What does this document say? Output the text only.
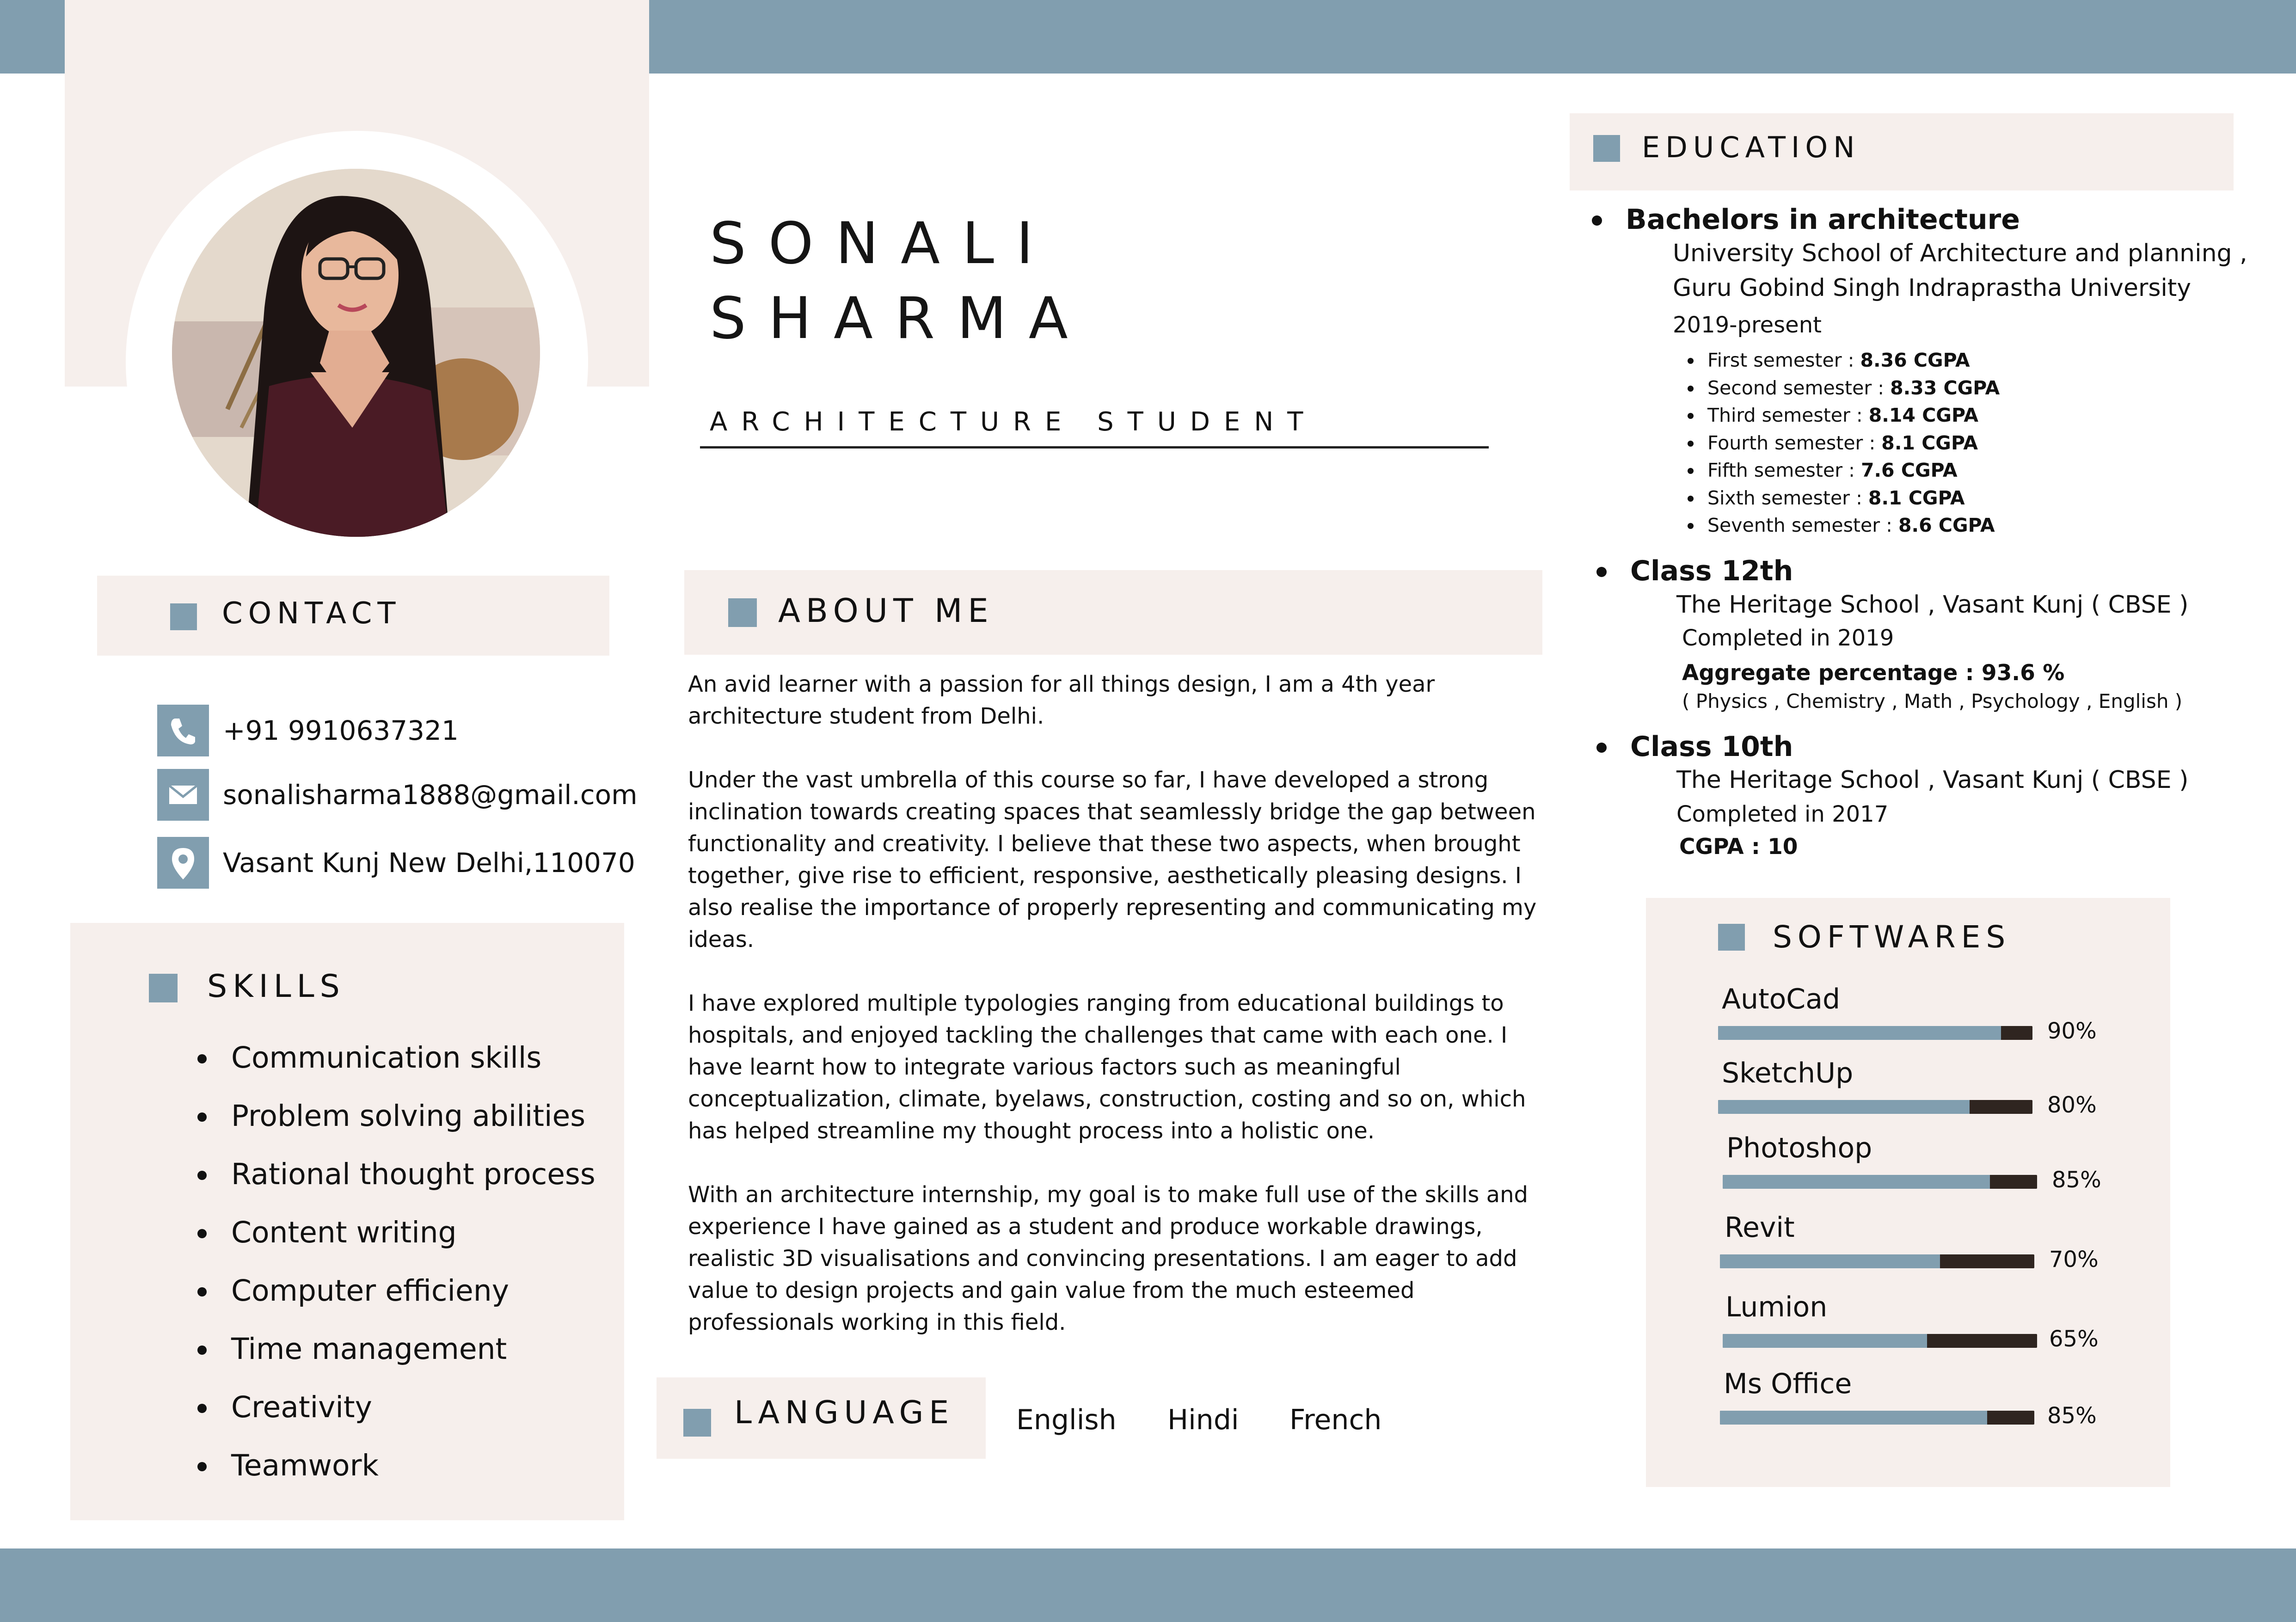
SONALI
SHARMA
ARCHITECTURE STUDENT
CONTACT
+91 9910637321
sonalisharma1888@gmail.com
Vasant Kunj New Delhi,110070
SKILLS
Communication skills
Problem solving abilities
Rational thought process
Content writing
Computer efficieny
Time management
Creativity
Teamwork
ABOUT ME

An avid learner with a passion for all things design, I am a 4th year architecture student from Delhi.

Under the vast umbrella of this course so far, I have developed a strong inclination towards creating spaces that seamlessly bridge the gap between functionality and creativity. I believe that these two aspects, when brought together, give rise to efficient, responsive, aesthetically pleasing designs. I also realise the importance of properly representing and communicating my ideas.

I have explored multiple typologies ranging from educational buildings to hospitals, and enjoyed tackling the challenges that came with each one. I have learnt how to integrate various factors such as meaningful conceptualization, climate, byelaws, construction, costing and so on, which has helped streamline my thought process into a holistic one.

With an architecture internship, my goal is to make full use of the skills and experience I have gained as a student and produce workable drawings, realistic 3D visualisations and convincing presentations. I am eager to add value to design projects and gain value from the much esteemed professionals working in this field.

LANGUAGE English Hindi French
EDUCATION
Bachelors in architecture
University School of Architecture and planning ,
Guru Gobind Singh Indraprastha University
2019-present
First semester : 8.36 CGPA
Second semester : 8.33 CGPA
Third semester : 8.14 CGPA
Fourth semester : 8.1 CGPA
Fifth semester : 7.6 CGPA
Sixth semester : 8.1 CGPA
Seventh semester : 8.6 CGPA
Class 12th
The Heritage School , Vasant Kunj ( CBSE )
Completed in 2019
Aggregate percentage : 93.6 %
( Physics , Chemistry , Math , Psychology , English )
Class 10th
The Heritage School , Vasant Kunj ( CBSE )
Completed in 2017
CGPA : 10
SOFTWARES
AutoCad
90%
SketchUp
80%
Photoshop
85%
Revit
70%
Lumion
65%
Ms Office
85%
